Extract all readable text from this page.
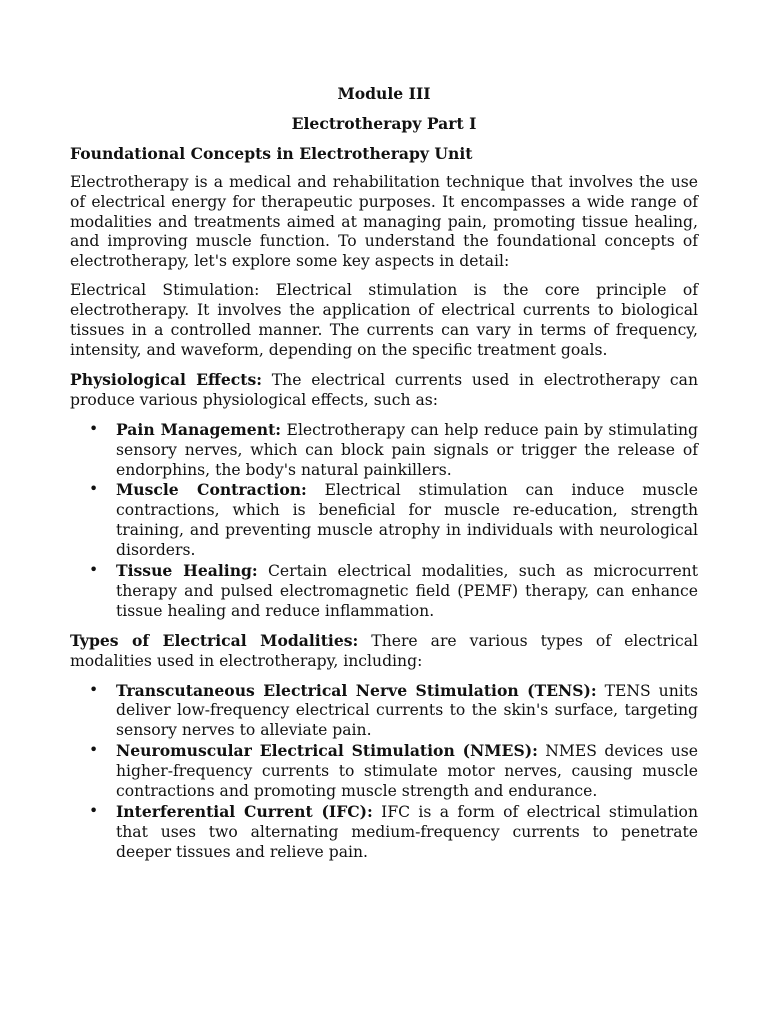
Module III
Electrotherapy Part I
Foundational Concepts in Electrotherapy Unit

Electrotherapy is a medical and rehabilitation technique that involves the use of electrical energy for therapeutic purposes. It encompasses a wide range of modalities and treatments aimed at managing pain, promoting tissue healing, and improving muscle function. To understand the foundational concepts of electrotherapy, let's explore some key aspects in detail:

Electrical Stimulation: Electrical stimulation is the core principle of electrotherapy. It involves the application of electrical currents to biological tissues in a controlled manner. The currents can vary in terms of frequency, intensity, and waveform, depending on the specific treatment goals.

Physiological Effects: The electrical currents used in electrotherapy can produce various physiological effects, such as:

• Pain Management: Electrotherapy can help reduce pain by stimulating sensory nerves, which can block pain signals or trigger the release of endorphins, the body's natural painkillers.
• Muscle Contraction: Electrical stimulation can induce muscle contractions, which is beneficial for muscle re-education, strength training, and preventing muscle atrophy in individuals with neurological disorders.
• Tissue Healing: Certain electrical modalities, such as microcurrent therapy and pulsed electromagnetic field (PEMF) therapy, can enhance tissue healing and reduce inflammation.

Types of Electrical Modalities: There are various types of electrical modalities used in electrotherapy, including:

• Transcutaneous Electrical Nerve Stimulation (TENS): TENS units deliver low-frequency electrical currents to the skin's surface, targeting sensory nerves to alleviate pain.
• Neuromuscular Electrical Stimulation (NMES): NMES devices use higher-frequency currents to stimulate motor nerves, causing muscle contractions and promoting muscle strength and endurance.
• Interferential Current (IFC): IFC is a form of electrical stimulation that uses two alternating medium-frequency currents to penetrate deeper tissues and relieve pain.
